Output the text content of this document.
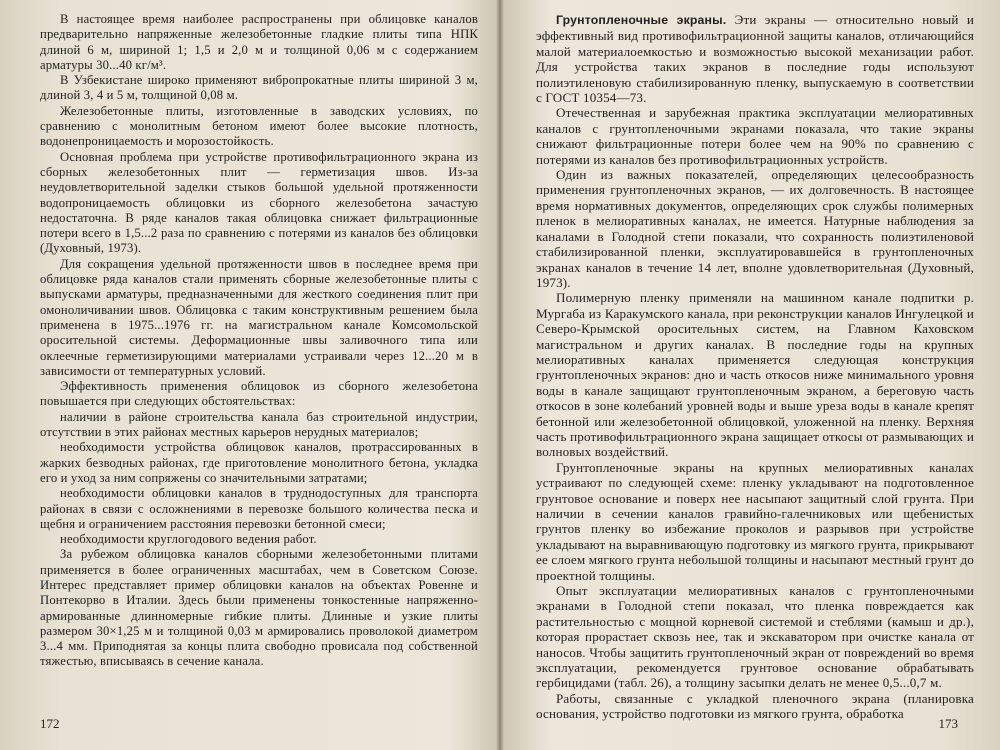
В настоящее время наиболее распространены при облицовке каналов предварительно напряженные железобетонные гладкие плиты типа НПК длиной 6 м, шириной 1; 1,5 и 2,0 м и толщиной 0,06 м с содержанием арматуры 30...40 кг/м³.

В Узбекистане широко применяют вибропрокатные плиты шириной 3 м, длиной 3, 4 и 5 м, толщиной 0,08 м.

Железобетонные плиты, изготовленные в заводских условиях, по сравнению с монолитным бетоном имеют более высокие плотность, водонепроницаемость и морозостойкость.

Основная проблема при устройстве противофильтрационного экрана из сборных железобетонных плит — герметизация швов. Из-за неудовлетворительной заделки стыков большой удельной протяженности водопроницаемость облицовки из сборного железобетона зачастую недостаточна. В ряде каналов такая облицовка снижает фильтрационные потери всего в 1,5...2 раза по сравнению с потерями из каналов без облицовки (Духовный, 1973).

Для сокращения удельной протяженности швов в последнее время при облицовке ряда каналов стали применять сборные железобетонные плиты с выпусками арматуры, предназначенными для жесткого соединения плит при омоноличивании швов. Облицовка с таким конструктивным решением была применена в 1975...1976 гг. на магистральном канале Комсомольской оросительной системы. Деформационные швы заливочного типа или оклеечные герметизирующими материалами устраивали через 12...20 м в зависимости от температурных условий.

Эффективность применения облицовок из сборного железобетона повышается при следующих обстоятельствах:

наличии в районе строительства канала баз строительной индустрии, отсутствии в этих районах местных карьеров нерудных материалов;

необходимости устройства облицовок каналов, протрассированных в жарких безводных районах, где приготовление монолитного бетона, укладка его и уход за ним сопряжены со значительными затратами;

необходимости облицовки каналов в труднодоступных для транспорта районах в связи с осложнениями в перевозке большого количества песка и щебня и ограничением расстояния перевозки бетонной смеси;

необходимости круглогодового ведения работ.

За рубежом облицовка каналов сборными железобетонными плитами применяется в более ограниченных масштабах, чем в Советском Союзе. Интерес представляет пример облицовки каналов на объектах Ровенне и Понтекорво в Италии. Здесь были применены тонкостенные напряженно-армированные длинномерные гибкие плиты. Длинные и узкие плиты размером 30×1,25 м и толщиной 0,03 м армировались проволокой диаметром 3...4 мм. Приподнятая за концы плита свободно провисала под собственной тяжестью, вписываясь в сечение канала.

172

Грунтопленочные экраны. Эти экраны — относительно новый и эффективный вид противофильтрационной защиты каналов, отличающийся малой материалоемкостью и возможностью высокой механизации работ. Для устройства таких экранов в последние годы используют полиэтиленовую стабилизированную пленку, выпускаемую в соответствии с ГОСТ 10354—73.

Отечественная и зарубежная практика эксплуатации мелиоративных каналов с грунтопленочными экранами показала, что такие экраны снижают фильтрационные потери более чем на 90% по сравнению с потерями из каналов без противофильтрационных устройств.

Один из важных показателей, определяющих целесообразность применения грунтопленочных экранов, — их долговечность. В настоящее время нормативных документов, определяющих срок службы полимерных пленок в мелиоративных каналах, не имеется. Натурные наблюдения за каналами в Голодной степи показали, что сохранность полиэтиленовой стабилизированной пленки, эксплуатировавшейся в грунтопленочных экранах каналов в течение 14 лет, вполне удовлетворительная (Духовный, 1973).

Полимерную пленку применяли на машинном канале подпитки р. Мургаба из Каракумского канала, при реконструкции каналов Ингулецкой и Северо-Крымской оросительных систем, на Главном Каховском магистральном и других каналах. В последние годы на крупных мелиоративных каналах применяется следующая конструкция грунтопленочных экранов: дно и часть откосов ниже минимального уровня воды в канале защищают грунтопленочным экраном, а береговую часть откосов в зоне колебаний уровней воды и выше уреза воды в канале крепят бетонной или железобетонной облицовкой, уложенной на пленку. Верхняя часть противофильтрационного экрана защищает откосы от размывающих и волновых воздействий.

Грунтопленочные экраны на крупных мелиоративных каналах устраивают по следующей схеме: пленку укладывают на подготовленное грунтовое основание и поверх нее насыпают защитный слой грунта. При наличии в сечении каналов гравийно-галечниковых или щебенистых грунтов пленку во избежание проколов и разрывов при устройстве укладывают на выравнивающую подготовку из мягкого грунта, прикрывают ее слоем мягкого грунта небольшой толщины и насыпают местный грунт до проектной толщины.

Опыт эксплуатации мелиоративных каналов с грунтопленочными экранами в Голодной степи показал, что пленка повреждается как растительностью с мощной корневой системой и стеблями (камыш и др.), которая прорастает сквозь нее, так и экскаватором при очистке канала от наносов. Чтобы защитить грунтопленочный экран от повреждений во время эксплуатации, рекомендуется грунтовое основание обрабатывать гербицидами (табл. 26), а толщину засыпки делать не менее 0,5...0,7 м.

Работы, связанные с укладкой пленочного экрана (планировка основания, устройство подготовки из мягкого грунта, обработка

173
